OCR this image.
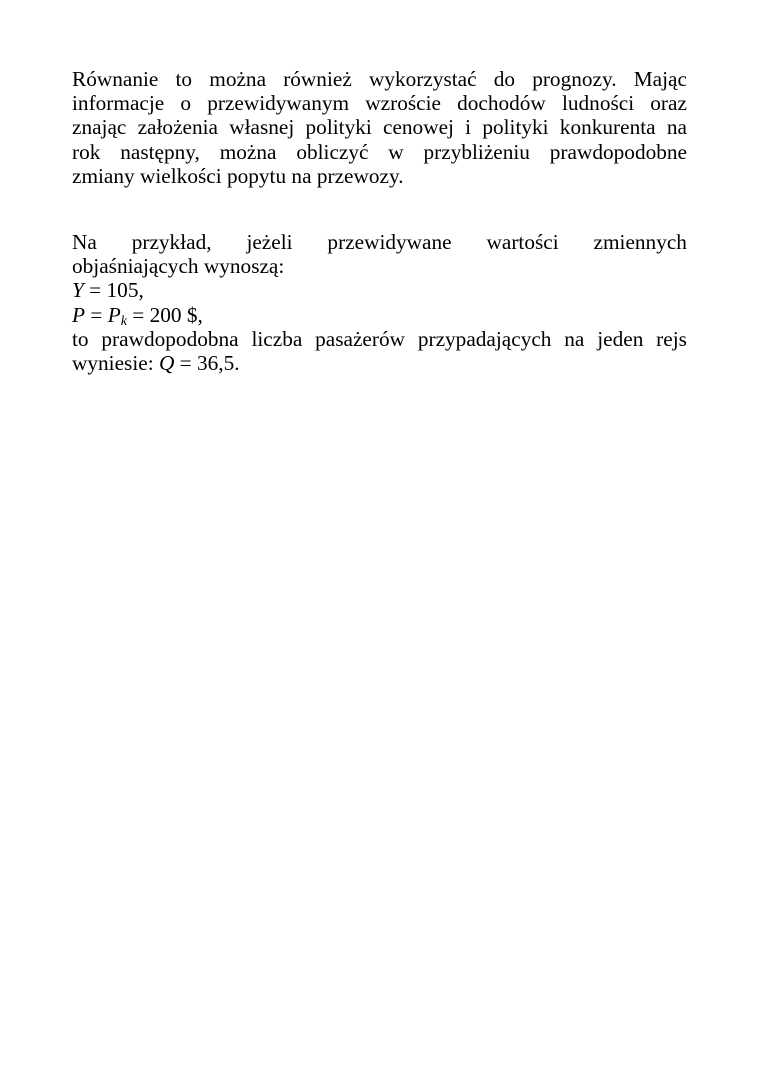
Równanie to można również wykorzystać do prognozy. Mając
informacje o przewidywanym wzroście dochodów ludności oraz
znając założenia własnej polityki cenowej i polityki konkurenta na
rok następny, można obliczyć w przybliżeniu prawdopodobne
zmiany wielkości popytu na przewozy.
Na przykład, jeżeli przewidywane wartości zmiennych
objaśniających wynoszą:
Y = 105,
$P = P_k = 200$ $,
to prawdopodobna liczba pasażerów przypadających na jeden rejs
wyniesie: Q = 36,5.
